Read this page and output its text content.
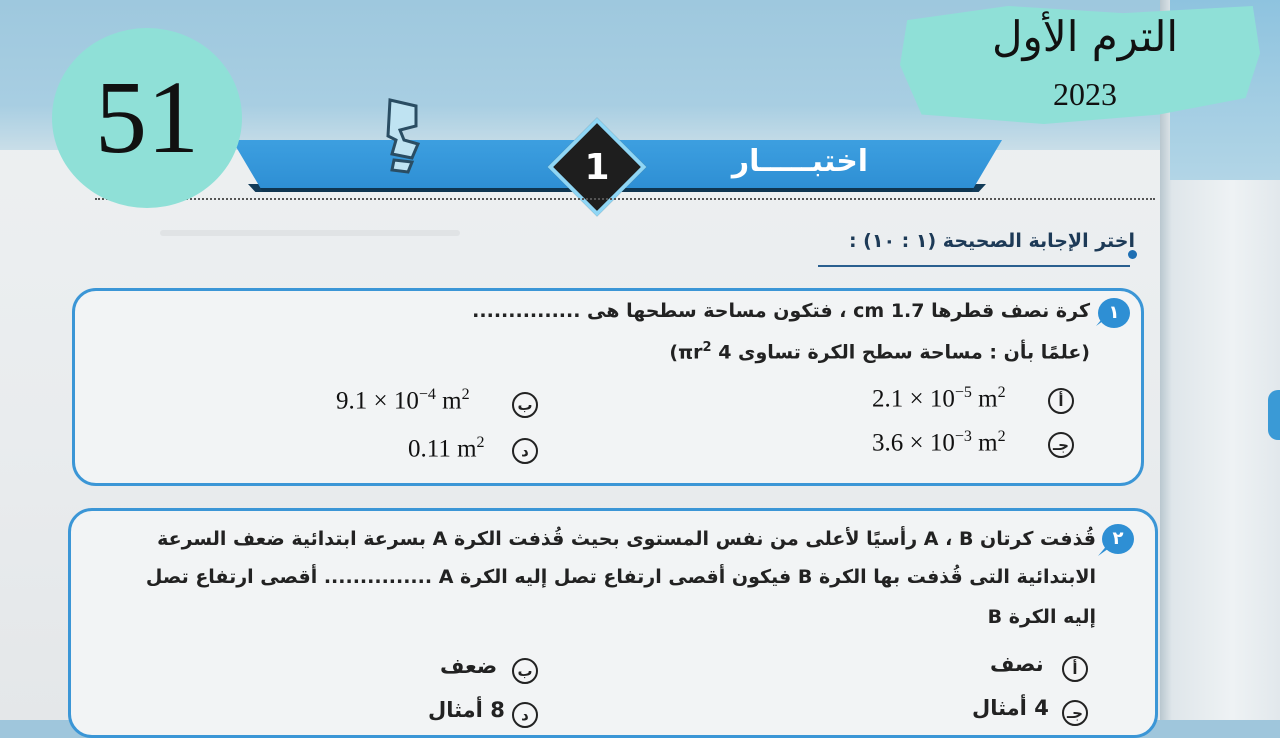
اختبـــــار
1
51
الترم الأول
2023
اختر الإجابة الصحيحة (١ : ١٠) :
١
كرة نصف قطرها 1.7 cm ، فتكون مساحة سطحها هى ...............
(علمًا بأن : مساحة سطح الكرة تساوى 4 $\pi r^2$)
أ
$2.1 \times 10^{-5}$ $m^2$
ب
$9.1 \times 10^{-4}$ $m^2$
جـ
$3.6 \times 10^{-3}$ $m^2$
د
0.11 $m^2$
٢
قُذفت كرتان A ، B رأسيًا لأعلى من نفس المستوى بحيث قُذفت الكرة A بسرعة ابتدائية ضعف السرعة
الابتدائية التى قُذفت بها الكرة B فيكون أقصى ارتفاع تصل إليه الكرة A ............... أقصى ارتفاع تصل
إليه الكرة B
أ
نصف
ب
ضعف
جـ
4 أمثال
د
8 أمثال
